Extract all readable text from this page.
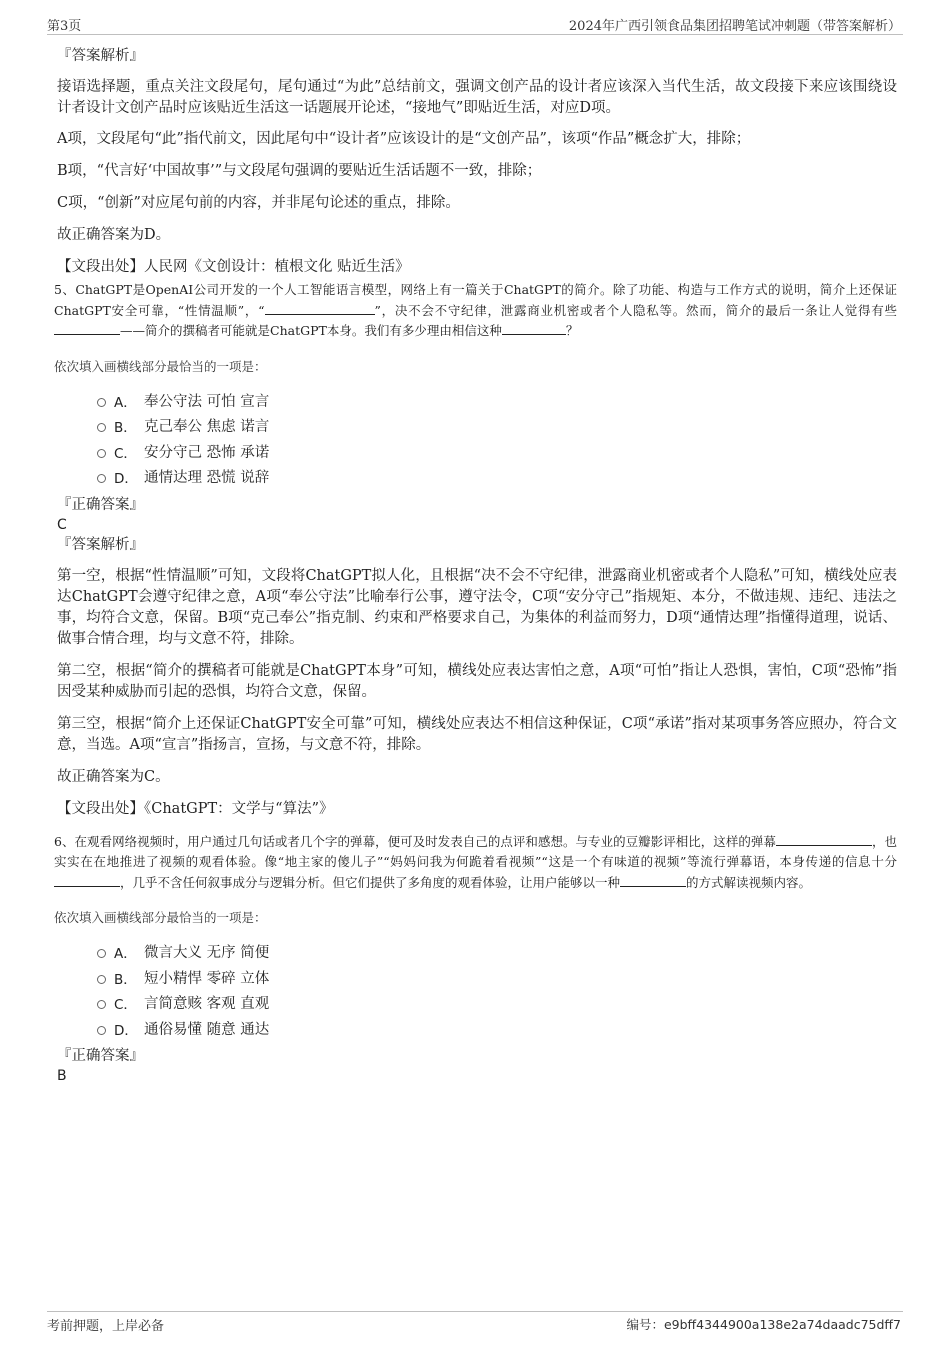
第3页	2024年广西引领食品集团招聘笔试冲刺题（带答案解析）

『答案解析』

接语选择题，重点关注文段尾句，尾句通过“为此”总结前文，强调文创产品的设计者应该深入当代生活，故文段接下来应该围绕设计者设计文创产品时应该贴近生活这一话题展开论述，“接地气”即贴近生活，对应D项。

A项，文段尾句“此”指代前文，因此尾句中“设计者”应该设计的是“文创产品”，该项“作品”概念扩大，排除；

B项，“代言好‘中国故事’”与文段尾句强调的要贴近生活话题不一致，排除；

C项，“创新”对应尾句前的内容，并非尾句论述的重点，排除。

故正确答案为D。

【文段出处】人民网《文创设计：植根文化 贴近生活》

5、ChatGPT是OpenAI公司开发的一个人工智能语言模型，网络上有一篇关于ChatGPT的简介。除了功能、构造与工作方式的说明，简介上还保证ChatGPT安全可靠，“性情温顺”，“	”，决不会不守纪律，泄露商业机密或者个人隐私等。然而，简介的最后一条让人觉得有些——简介的撰稿者可能就是ChatGPT本身。我们有多少理由相信这种	？

依次填入画横线部分最恰当的一项是：

A． 奉公守法 可怕 宣言
B． 克己奉公 焦虑 诺言
C． 安分守己 恐怖 承诺
D． 通情达理 恐慌 说辞

『正确答案』

C

『答案解析』

第一空，根据“性情温顺”可知，文段将ChatGPT拟人化，且根据“决不会不守纪律，泄露商业机密或者个人隐私”可知，横线处应表达ChatGPT会遵守纪律之意，A项“奉公守法”比喻奉行公事，遵守法令，C项“安分守己”指规矩、本分，不做违规、违纪、违法之事，均符合文意，保留。B项“克己奉公”指克制、约束和严格要求自己，为集体的利益而努力，D项“通情达理”指懂得道理，说话、做事合情合理，均与文意不符，排除。

第二空，根据“简介的撰稿者可能就是ChatGPT本身”可知，横线处应表达害怕之意，A项“可怕”指让人恐惧，害怕，C项“恐怖”指因受某种威胁而引起的恐惧，均符合文意，保留。

第三空，根据“简介上还保证ChatGPT安全可靠”可知，横线处应表达不相信这种保证，C项“承诺”指对某项事务答应照办，符合文意，当选。A项“宣言”指扬言，宣扬，与文意不符，排除。

故正确答案为C。

【文段出处】《ChatGPT：文学与“算法”》

6、在观看网络视频时，用户通过几句话或者几个字的弹幕，便可及时发表自己的点评和感想。与专业的豆瓣影评相比，这样的弹幕	，也实实在在地推进了视频的观看体验。像“地主家的傻儿子”“妈妈问我为何跪着看视频”“这是一个有味道的视频”等流行弹幕语，本身传递的信息十分，几乎不含任何叙事成分与逻辑分析。但它们提供了多角度的观看体验，让用户能够以一种	的方式解读视频内容。

依次填入画横线部分最恰当的一项是：

A． 微言大义 无序 简便
B． 短小精悍 零碎 立体
C． 言简意赅 客观 直观
D． 通俗易懂 随意 通达

『正确答案』

B

考前押题，上岸必备	编号：e9bff4344900a138e2a74daadc75dff7
